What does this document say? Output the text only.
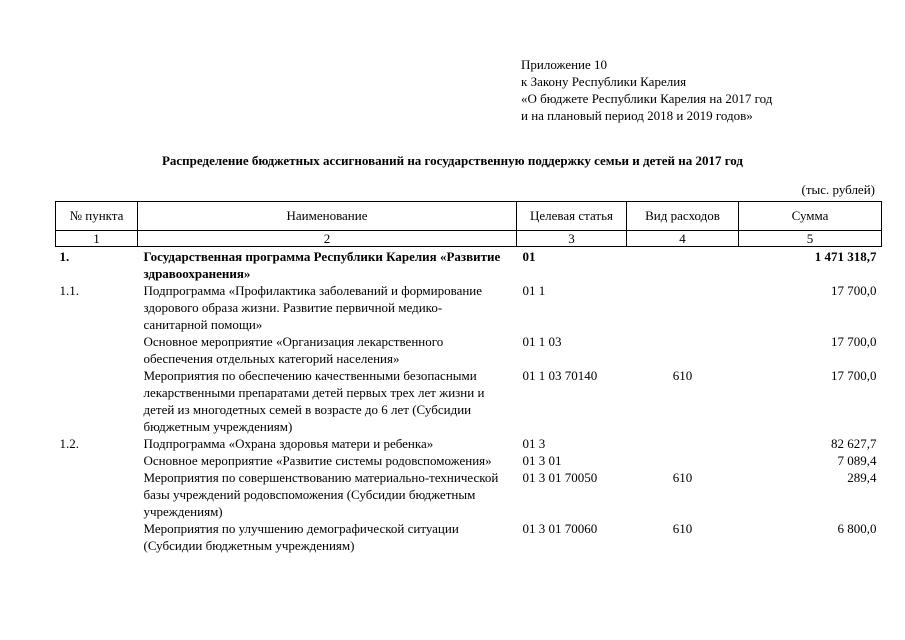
Приложение 10
к Закону Республики Карелия
«О бюджете Республики Карелия на 2017 год
и на плановый период 2018 и 2019 годов»
Распределение бюджетных ассигнований на государственную поддержку семьи и детей на 2017 год
(тыс. рублей)
№ пункта	Наименование	Целевая статья	Вид расходов	Сумма
1	2	3	4	5
1.	Государственная программа Республики Карелия «Развитие здравоохранения»	01		1 471 318,7
1.1.	Подпрограмма «Профилактика заболеваний и формирование здорового образа жизни. Развитие первичной медико-санитарной помощи»	01 1		17 700,0
	Основное мероприятие «Организация лекарственного обеспечения отдельных категорий населения»	01 1 03		17 700,0
	Мероприятия по обеспечению качественными безопасными лекарственными препаратами детей первых трех лет жизни и детей из многодетных семей в возрасте до 6 лет (Субсидии бюджетным учреждениям)	01 1 03 70140	610	17 700,0
1.2.	Подпрограмма «Охрана здоровья матери и ребенка»	01 3		82 627,7
	Основное мероприятие «Развитие системы родовспоможения»	01 3 01		7 089,4
	Мероприятия по совершенствованию материально-технической базы учреждений родовспоможения (Субсидии бюджетным учреждениям)	01 3 01 70050	610	289,4
	Мероприятия по улучшению демографической ситуации (Субсидии бюджетным учреждениям)	01 3 01 70060	610	6 800,0
